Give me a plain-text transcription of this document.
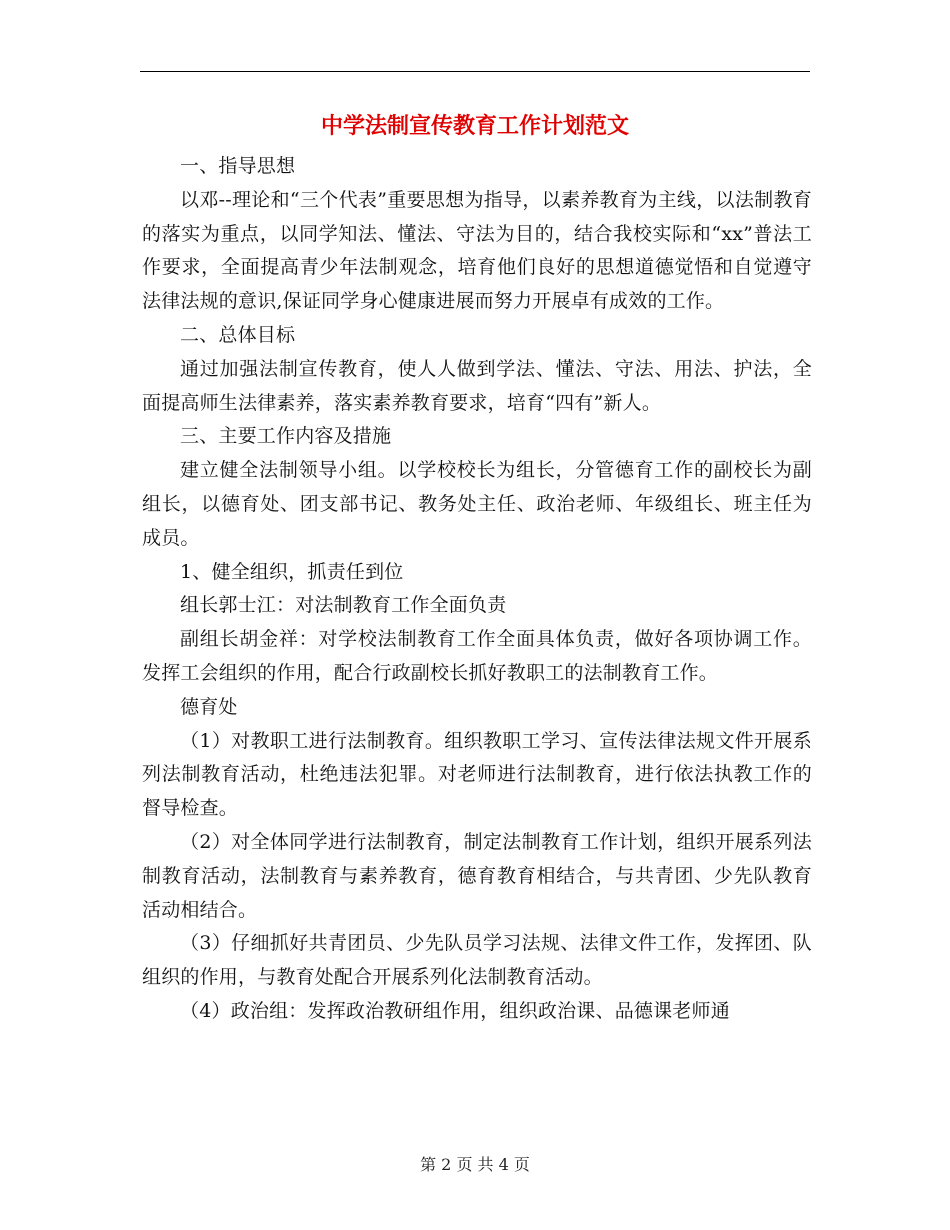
中学法制宣传教育工作计划范文

一、指导思想

以邓--理论和“三个代表”重要思想为指导，以素养教育为主线，以法制教育的落实为重点，以同学知法、懂法、守法为目的，结合我校实际和“xx”普法工作要求，全面提高青少年法制观念，培育他们良好的思想道德觉悟和自觉遵守法律法规的意识,保证同学身心健康进展而努力开展卓有成效的工作。

二、总体目标

通过加强法制宣传教育，使人人做到学法、懂法、守法、用法、护法，全面提高师生法律素养，落实素养教育要求，培育“四有”新人。

三、主要工作内容及措施

建立健全法制领导小组。以学校校长为组长，分管德育工作的副校长为副组长，以德育处、团支部书记、教务处主任、政治老师、年级组长、班主任为成员。

1、健全组织，抓责任到位

组长郭士江：对法制教育工作全面负责

副组长胡金祥：对学校法制教育工作全面具体负责，做好各项协调工作。发挥工会组织的作用，配合行政副校长抓好教职工的法制教育工作。

德育处

（1）对教职工进行法制教育。组织教职工学习、宣传法律法规文件开展系列法制教育活动，杜绝违法犯罪。对老师进行法制教育，进行依法执教工作的督导检查。

（2）对全体同学进行法制教育，制定法制教育工作计划，组织开展系列法制教育活动，法制教育与素养教育，德育教育相结合，与共青团、少先队教育活动相结合。

（3）仔细抓好共青团员、少先队员学习法规、法律文件工作，发挥团、队组织的作用，与教育处配合开展系列化法制教育活动。

（4）政治组：发挥政治教研组作用，组织政治课、品德课老师通

第 2 页 共 4 页
